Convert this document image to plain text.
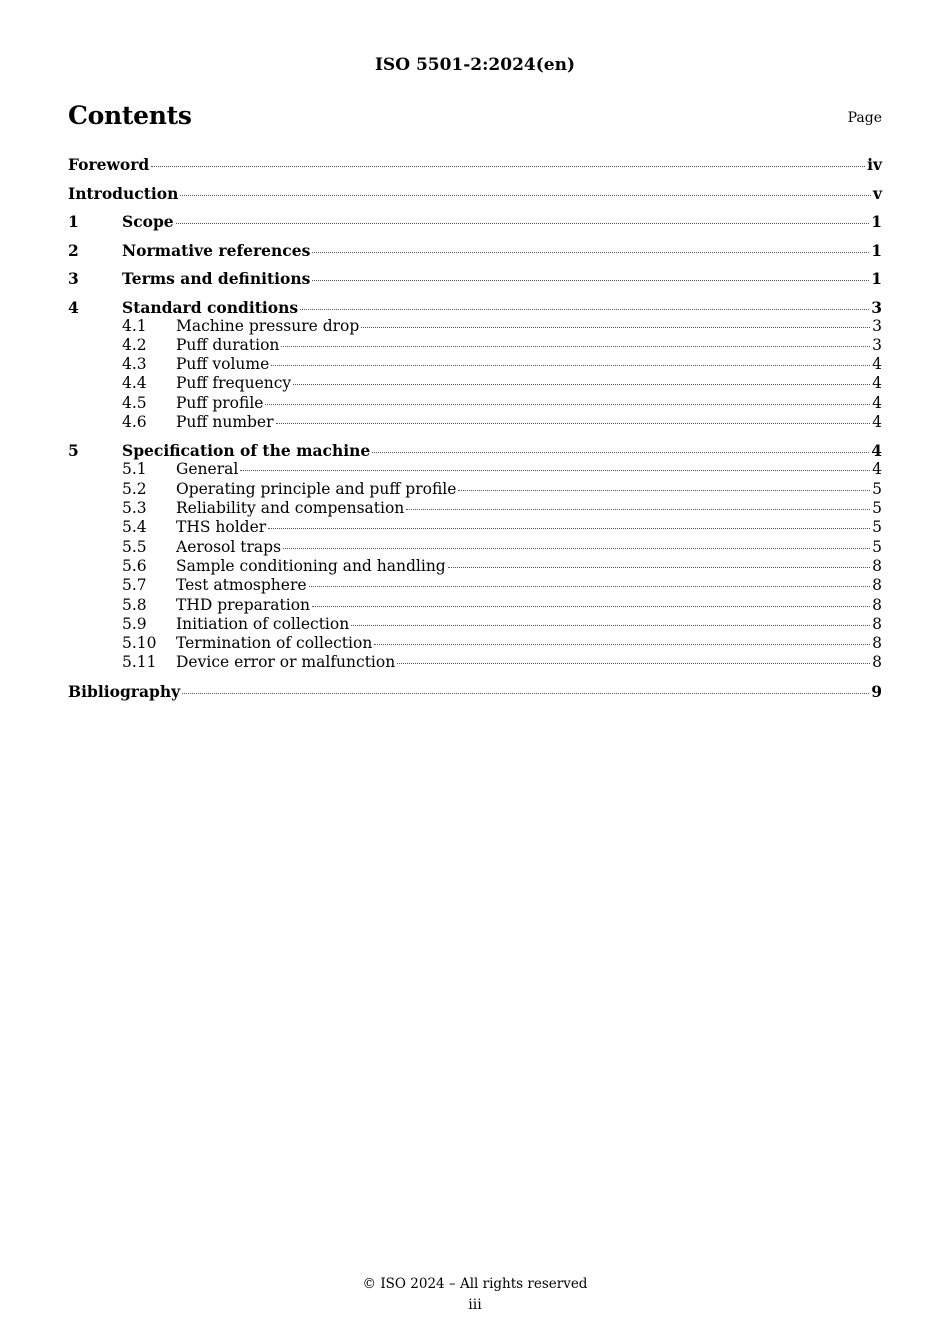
ISO 5501-2:2024(en)
Contents	Page
Foreword	iv
Introduction	v
1	Scope	1
2	Normative references	1
3	Terms and definitions	1
4	Standard conditions	3
4.1	Machine pressure drop	3
4.2	Puff duration	3
4.3	Puff volume	4
4.4	Puff frequency	4
4.5	Puff profile	4
4.6	Puff number	4
5	Specification of the machine	4
5.1	General	4
5.2	Operating principle and puff profile	5
5.3	Reliability and compensation	5
5.4	THS holder	5
5.5	Aerosol traps	5
5.6	Sample conditioning and handling	8
5.7	Test atmosphere	8
5.8	THD preparation	8
5.9	Initiation of collection	8
5.10	Termination of collection	8
5.11	Device error or malfunction	8
Bibliography	9
© ISO 2024 – All rights reserved
iii
